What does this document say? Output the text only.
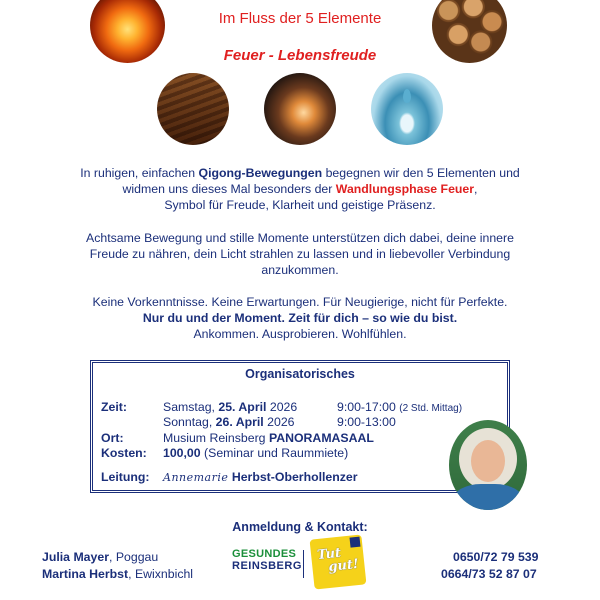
Im Fluss der 5 Elemente
Feuer - Lebensfreude
In ruhigen, einfachen Qigong-Bewegungen begegnen wir den 5 Elementen und
widmen uns dieses Mal besonders der Wandlungsphase Feuer,
Symbol für Freude, Klarheit und geistige Präsenz.
Achtsame Bewegung und stille Momente unterstützen dich dabei, deine innere
Freude zu nähren, dein Licht strahlen zu lassen und in liebevoller Verbindung
anzukommen.
Keine Vorkenntnisse. Keine Erwartungen. Für Neugierige, nicht für Perfekte.
Nur du und der Moment. Zeit für dich – so wie du bist.
Ankommen. Ausprobieren. Wohlfühlen.
Organisatorisches
Zeit:	Samstag, 25. April 2026	9:00-17:00 (2 Std. Mittag)
Sonntag, 26. April 2026	9:00-13:00
Ort:	Musium Reinsberg PANORAMASAAL
Kosten: 100,00 (Seminar und Raummiete)
Leitung: Annemarie Herbst-Oberhollenzer
Anmeldung & Kontakt:
Julia Mayer, Poggau
Martina Herbst, Ewixnbichl
0650/72 79 539
0664/73 52 87 07
GESUNDES
REINSBERG
Tut
gut!
